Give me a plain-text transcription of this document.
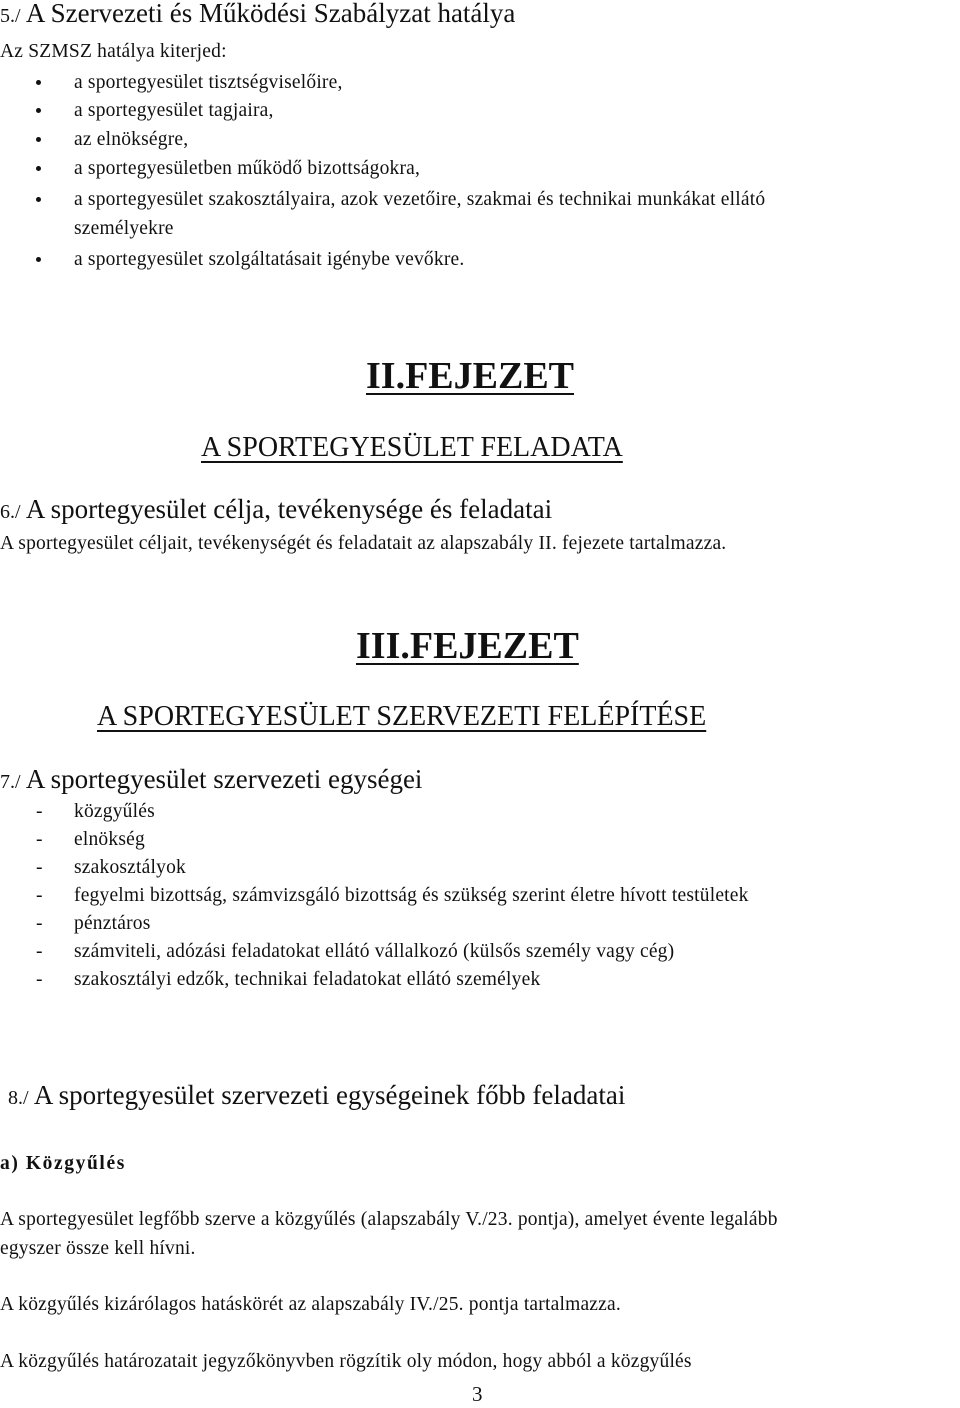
5./ A Szervezeti és Működési Szabályzat hatálya
Az SZMSZ hatálya kiterjed:
a sportegyesület tisztségviselőire,
a sportegyesület tagjaira,
az elnökségre,
a sportegyesületben működő bizottságokra,
a sportegyesület szakosztályaira, azok vezetőire, szakmai és technikai munkákat ellátó
személyekre
a sportegyesület szolgáltatásait igénybe vevőkre.
II.FEJEZET
A SPORTEGYESÜLET FELADATA
6./ A sportegyesület célja, tevékenysége és feladatai
A sportegyesület céljait, tevékenységét és feladatait az alapszabály II. fejezete tartalmazza.
III.FEJEZET
A SPORTEGYESÜLET SZERVEZETI FELÉPÍTÉSE
7./ A sportegyesület szervezeti egységei
- közgyűlés
- elnökség
- szakosztályok
- fegyelmi bizottság, számvizsgáló bizottság és szükség szerint életre hívott testületek
- pénztáros
- számviteli, adózási feladatokat ellátó vállalkozó (külsős személy vagy cég)
- szakosztályi edzők, technikai feladatokat ellátó személyek
8./ A sportegyesület szervezeti egységeinek főbb feladatai
a) Közgyűlés
A sportegyesület legfőbb szerve a közgyűlés (alapszabály V./23. pontja), amelyet évente legalább
egyszer össze kell hívni.
A közgyűlés kizárólagos hatáskörét az alapszabály IV./25. pontja tartalmazza.
A közgyűlés határozatait jegyzőkönyvben rögzítik oly módon, hogy abból a közgyűlés
3
